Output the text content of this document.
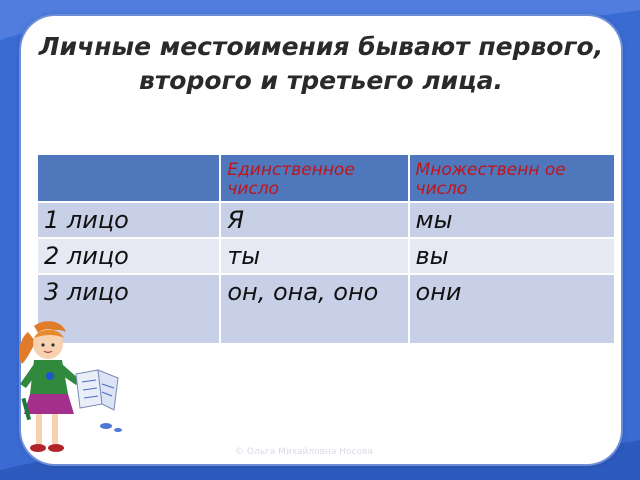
Личные местоимения бывают первого, второго и третьего лица.

	Единственное число	Множественн ое число

1 лицо	Я	мы
2 лицо	ты	вы
3 лицо	он, она, оно	они
© Ольга Михайловна Носова
